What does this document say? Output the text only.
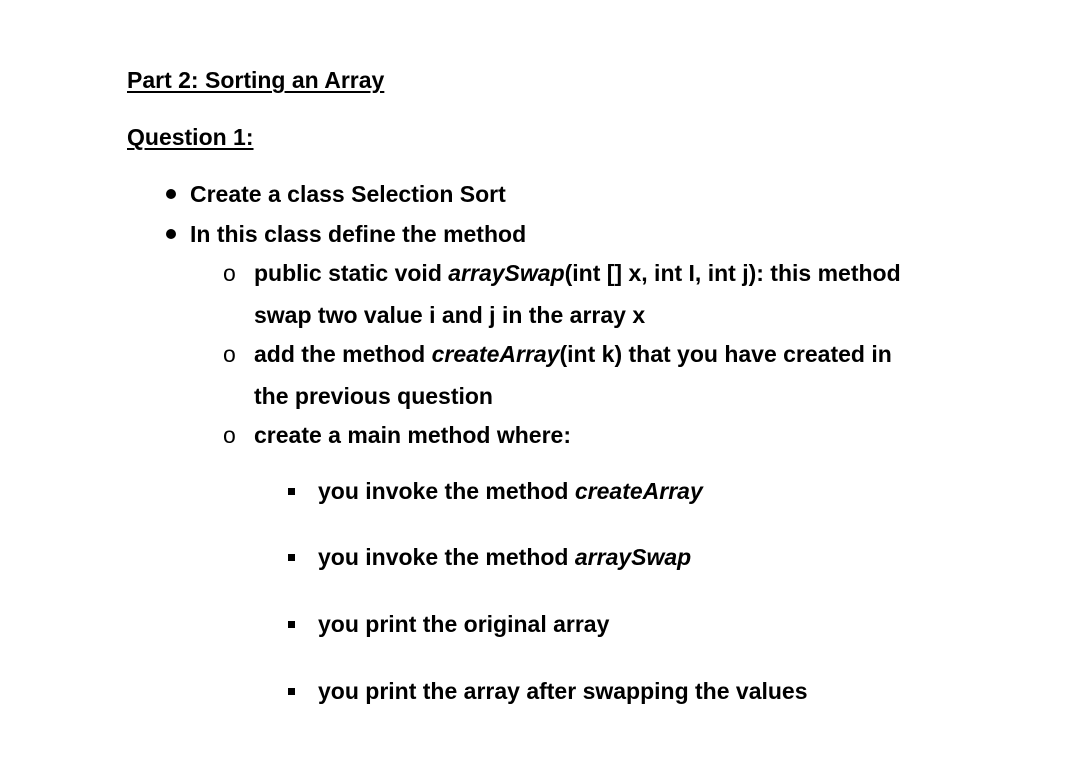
Part 2: Sorting an Array
Question 1:
Create a class Selection Sort
In this class define the method
o public static void arraySwap(int [] x, int I, int j): this method
swap two value i and j in the array x
o add the method createArray(int k) that you have created in
the previous question
o create a main method where:
you invoke the method createArray
you invoke the method arraySwap
you print the original array
you print the array after swapping the values
